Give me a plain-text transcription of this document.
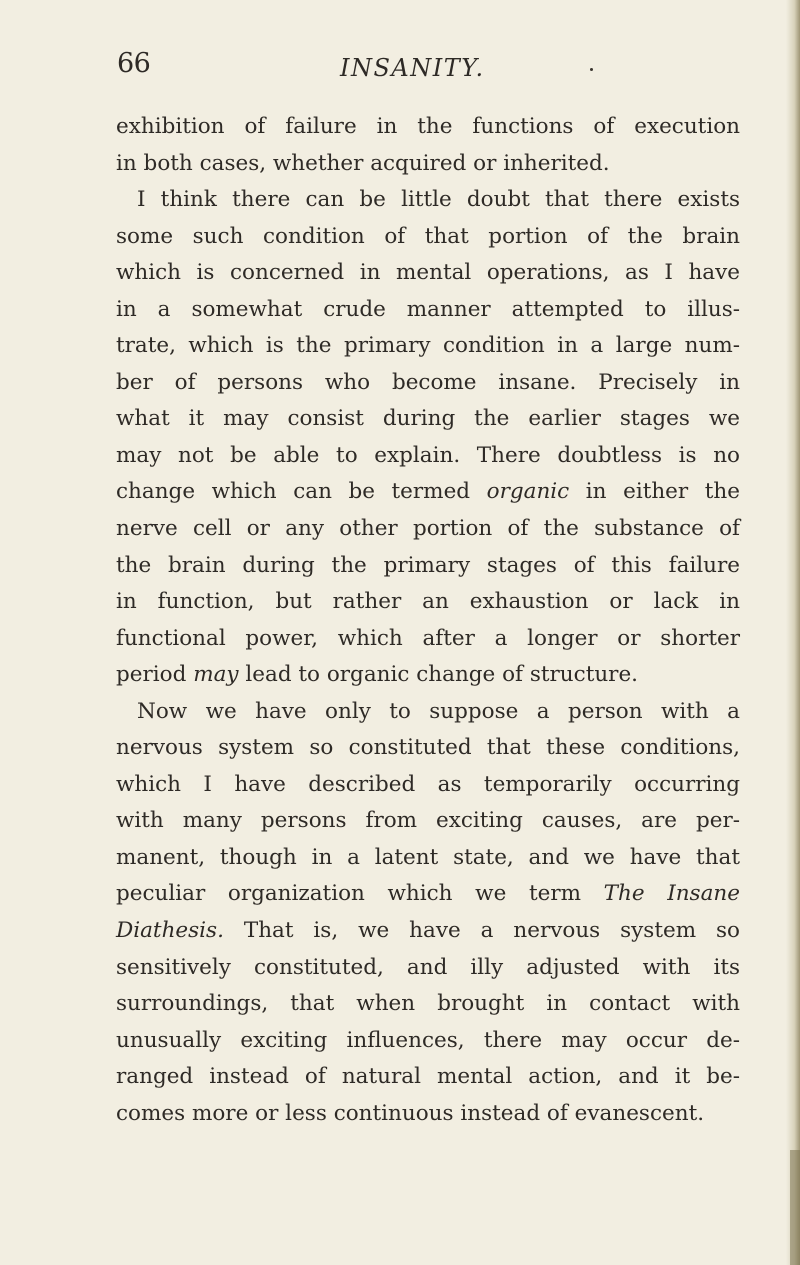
66	INSANITY.
exhibition of failure in the functions of execution
in both cases, whether acquired or inherited.
I think there can be little doubt that there exists
some such condition of that portion of the brain
which is concerned in mental operations, as I have
in a somewhat crude manner attempted to illus-
trate, which is the primary condition in a large num-
ber of persons who become insane. Precisely in
what it may consist during the earlier stages we
may not be able to explain. There doubtless is no
change which can be termed organic in either the
nerve cell or any other portion of the substance of
the brain during the primary stages of this failure
in function, but rather an exhaustion or lack in
functional power, which after a longer or shorter
period may lead to organic change of structure.
Now we have only to suppose a person with a
nervous system so constituted that these conditions,
which I have described as temporarily occurring
with many persons from exciting causes, are per-
manent, though in a latent state, and we have that
peculiar organization which we term The Insane
Diathesis. That is, we have a nervous system so
sensitively constituted, and illy adjusted with its
surroundings, that when brought in contact with
unusually exciting influences, there may occur de-
ranged instead of natural mental action, and it be-
comes more or less continuous instead of evanescent.
